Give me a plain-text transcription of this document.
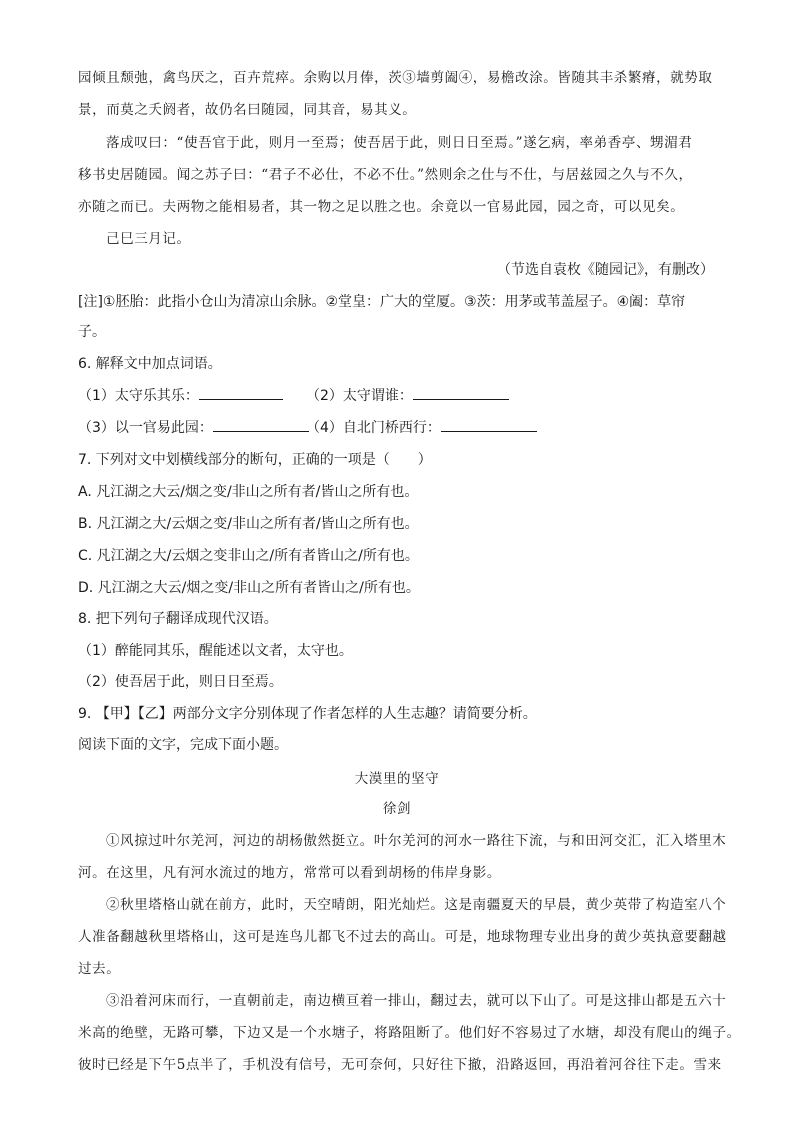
园倾且颓弛，禽鸟厌之，百卉荒瘁。余购以月俸，茨③墙剪阖④，易檐改涂。皆随其丰杀繁瘠，就势取
景，而莫之夭阏者，故仍名曰随园，同其音，易其义。
落成叹曰：“使吾官于此，则月一至焉；使吾居于此，则日日至焉。”遂乞病，率弟香亭、甥湄君
移书史居随园。闻之苏子曰：“君子不必仕，不必不仕。”然则余之仕与不仕，与居兹园之久与不久，
亦随之而已。夫两物之能相易者，其一物之足以胜之也。余竟以一官易此园，园之奇，可以见矣。
己巳三月记。
（节选自袁枚《随园记》，有删改）
[注]①胚胎：此指小仓山为清凉山余脉。②堂皇：广大的堂厦。③茨：用茅或苇盖屋子。④阖：草帘
子。
6. 解释文中加点词语。
（1）太守乐其乐：	（2）太守谓谁：
（3）以一官易此园：	（4）自北门桥西行：
7. 下列对文中划横线部分的断句，正确的一项是（　　）
A. 凡江湖之大云/烟之变/非山之所有者/皆山之所有也。
B. 凡江湖之大/云烟之变/非山之所有者/皆山之所有也。
C. 凡江湖之大/云烟之变非山之/所有者皆山之/所有也。
D. 凡江湖之大云/烟之变/非山之所有者皆山之/所有也。
8. 把下列句子翻译成现代汉语。
（1）醉能同其乐，醒能述以文者，太守也。
（2）使吾居于此，则日日至焉。
9. 【甲】【乙】两部分文字分别体现了作者怎样的人生志趣？请简要分析。
阅读下面的文字，完成下面小题。
大漠里的坚守
徐剑
①风掠过叶尔羌河，河边的胡杨傲然挺立。叶尔羌河的河水一路往下流，与和田河交汇，汇入塔里木
河。在这里，凡有河水流过的地方，常常可以看到胡杨的伟岸身影。
②秋里塔格山就在前方，此时，天空晴朗，阳光灿烂。这是南疆夏天的早晨，黄少英带了构造室八个
人准备翻越秋里塔格山，这可是连鸟儿都飞不过去的高山。可是，地球物理专业出身的黄少英执意要翻越
过去。
③沿着河床而行，一直朝前走，南边横亘着一排山，翻过去，就可以下山了。可是这排山都是五六十
米高的绝壁，无路可攀，下边又是一个水塘子，将路阻断了。他们好不容易过了水塘，却没有爬山的绳子。
彼时已经是下午5点半了，手机没有信号，无可奈何，只好往下撤，沿路返回，再沿着河谷往下走。雪来
